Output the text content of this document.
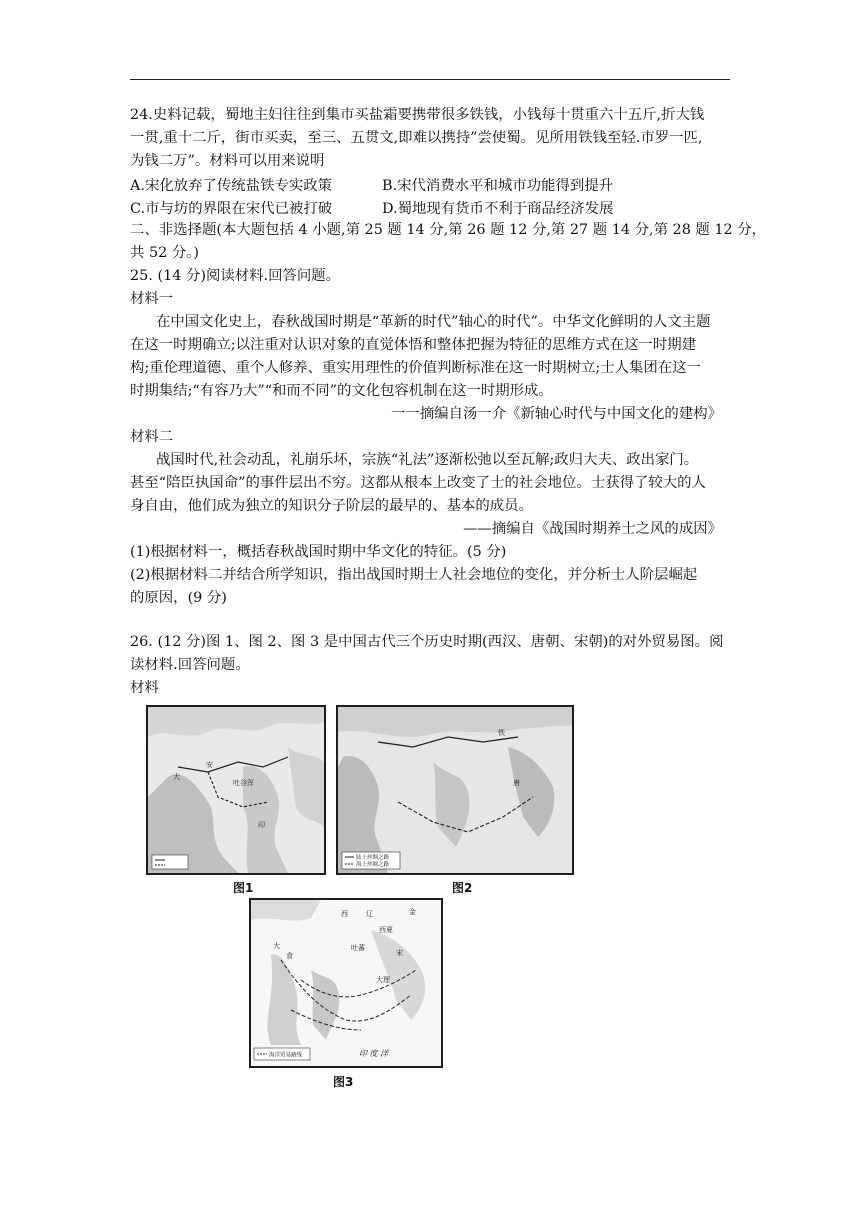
24.史料记载，蜀地主妇往往到集市买盐霜要携带很多铁钱，小钱每十贯重六十五斤,折大钱
一贯,重十二斤，街市买卖，至三、五贯文,即难以携持”尝使蜀。见所用铁钱至轻.市罗一匹,
为钱二万”。材料可以用来说明
A.宋化放弃了传统盐铁专实政策	B.宋代消费水平和城市功能得到提升
C.市与坊的界限在宋代已被打破	D.蜀地现有货币不利于商品经济发展
二、非选择题(本大题包括 4 小题,第 25 题 14 分,第 26 题 12 分,第 27 题 14 分,第 28 题 12 分，
共 52 分。)
25. (14 分)阅读材料.回答问题。
材料一
在中国文化史上，春秋战国时期是“革新的时代”轴心的时代”。中华文化鲜明的人文主题
在这一时期确立;以注重对认识对象的直觉体悟和整体把握为特征的思维方式在这一时期建
构;重伦理道德、重个人修养、重实用理性的价值判断标准在这一时期树立;士人集团在这一
时期集结;“有容乃大”“和而不同”的文化包容机制在这一时期形成。
一一摘编自汤一介《新轴心时代与中国文化的建构》
材料二
战国时代,社会动乱，礼崩乐坏，宗族“礼法”逐渐松弛以至瓦解;政归大夫、政出家门。
甚至“陪臣执国命”的事件层出不穷。这都从根本上改变了士的社会地位。士获得了较大的人
身自由，他们成为独立的知识分子阶层的最早的、基本的成员。
——摘编自《战国时期养士之风的成因》
(1)根据材料一，概括春秋战国时期中华文化的特征。(5 分)
(2)根据材料二并结合所学知识，指出战国时期士人社会地位的变化，并分析士人阶层崛起
的原因，(9 分)
26. (12 分)图 1、图 2、图 3 是中国古代三个历史时期(西汉、唐朝、宋朝)的对外贸易图。阅
读材料.回答问题。
材料
大
安
吐谷浑
印
图1
铁
唐
陆上丝绸之路
海上丝绸之路
图2
西	辽	金
西夏
吐蕃
宋
大理
大
食
海洋贸易路线	印 度 洋
图3
